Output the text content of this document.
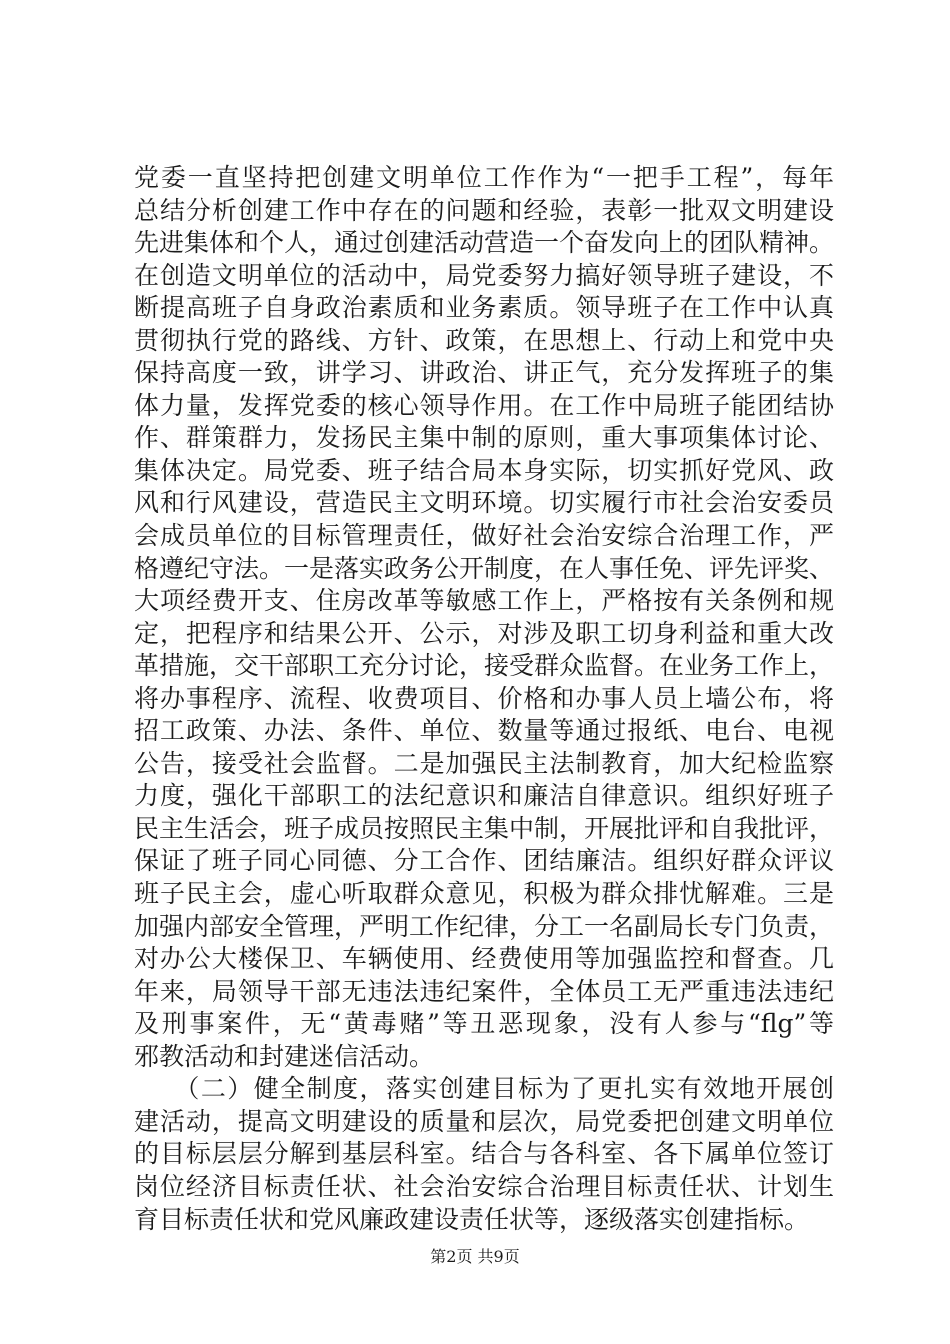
党委一直坚持把创建文明单位工作作为“一把手工程”，每年
总结分析创建工作中存在的问题和经验，表彰一批双文明建设
先进集体和个人，通过创建活动营造一个奋发向上的团队精神。
在创造文明单位的活动中，局党委努力搞好领导班子建设，不
断提高班子自身政治素质和业务素质。领导班子在工作中认真
贯彻执行党的路线、方针、政策，在思想上、行动上和党中央
保持高度一致，讲学习、讲政治、讲正气，充分发挥班子的集
体力量，发挥党委的核心领导作用。在工作中局班子能团结协
作、群策群力，发扬民主集中制的原则，重大事项集体讨论、
集体决定。局党委、班子结合局本身实际，切实抓好党风、政
风和行风建设，营造民主文明环境。切实履行市社会治安委员
会成员单位的目标管理责任，做好社会治安综合治理工作，严
格遵纪守法。一是落实政务公开制度，在人事任免、评先评奖、
大项经费开支、住房改革等敏感工作上，严格按有关条例和规
定，把程序和结果公开、公示，对涉及职工切身利益和重大改
革措施，交干部职工充分讨论，接受群众监督。在业务工作上，
将办事程序、流程、收费项目、价格和办事人员上墙公布，将
招工政策、办法、条件、单位、数量等通过报纸、电台、电视
公告，接受社会监督。二是加强民主法制教育，加大纪检监察
力度，强化干部职工的法纪意识和廉洁自律意识。组织好班子
民主生活会，班子成员按照民主集中制，开展批评和自我批评，
保证了班子同心同德、分工合作、团结廉洁。组织好群众评议
班子民主会，虚心听取群众意见，积极为群众排忧解难。三是
加强内部安全管理，严明工作纪律，分工一名副局长专门负责，
对办公大楼保卫、车辆使用、经费使用等加强监控和督查。几
年来，局领导干部无违法违纪案件，全体员工无严重违法违纪
及刑事案件，无“黄毒赌”等丑恶现象，没有人参与“flg”等
邪教活动和封建迷信活动。
　　（二）健全制度，落实创建目标为了更扎实有效地开展创
建活动，提高文明建设的质量和层次，局党委把创建文明单位
的目标层层分解到基层科室。结合与各科室、各下属单位签订
岗位经济目标责任状、社会治安综合治理目标责任状、计划生
育目标责任状和党风廉政建设责任状等，逐级落实创建指标。
第2页 共9页
